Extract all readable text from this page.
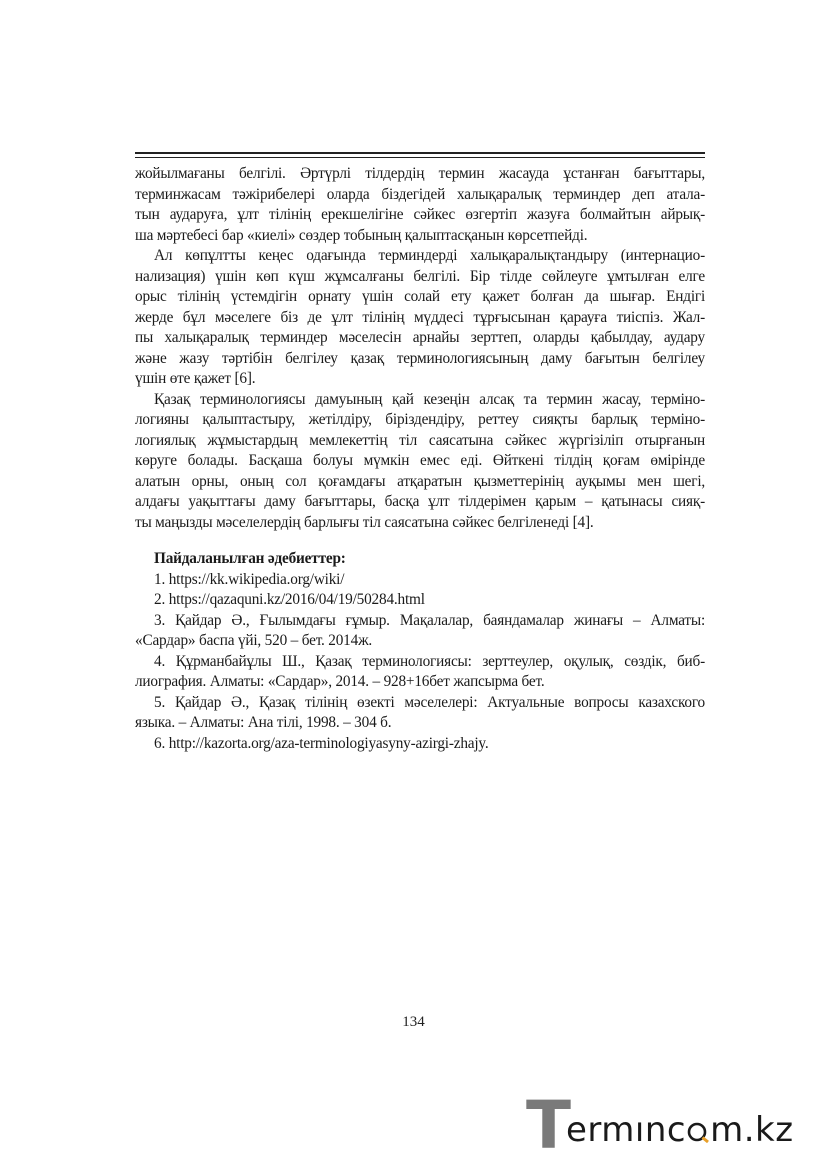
жойылмағаны белгілі. Әртүрлі тілдердің термин жасауда ұстанған бағыттары,
терминжасам тәжірибелері оларда біздегідей халықаралық терминдер деп атала-
тын аударуға, ұлт тілінің ерекшелігіне сәйкес өзгертіп жазуға болмайтын айрық-
ша мәртебесі бар «киелі» сөздер тобының қалыптасқанын көрсетпейді.
Ал көпұлтты кеңес одағында терминдерді халықаралықтандыру (интернацио-
нализация) үшін көп күш жұмсалғаны белгілі. Бір тілде сөйлеуге ұмтылған елге
орыс тілінің үстемдігін орнату үшін солай ету қажет болған да шығар. Ендігі
жерде бұл мәселеге біз де ұлт тілінің мүддесі тұрғысынан қарауға тиіспіз. Жал-
пы халықаралық терминдер мәселесін арнайы зерттеп, оларды қабылдау, аудару
және жазу тәртібін белгілеу қазақ терминологиясының даму бағытын белгілеу
үшін өте қажет [6].
Қазақ терминологиясы дамуының қай кезеңін алсақ та термин жасау, терміно-
логияны қалыптастыру, жетілдіру, біріздендіру, реттеу сияқты барлық терміно-
логиялық жұмыстардың мемлекеттің тіл саясатына сәйкес жүргізіліп отырғанын
көруге болады. Басқаша болуы мүмкін емес еді. Өйткені тілдің қоғам өмірінде
алатын орны, оның сол қоғамдағы атқаратын қызметтерінің ауқымы мен шегі,
алдағы уақыттағы даму бағыттары, басқа ұлт тілдерімен қарым – қатынасы сияқ-
ты маңызды мәселелердің барлығы тіл саясатына сәйкес белгіленеді [4].
Пайдаланылған әдебиеттер:
1. https://kk.wikipedia.org/wiki/
2. https://qazaquni.kz/2016/04/19/50284.html
3. Қайдар Ә., Ғылымдағы ғұмыр. Мақалалар, баяндамалар жинағы – Алматы:
«Сардар» баспа үйі, 520 – бет. 2014ж.
4. Құрманбайұлы Ш., Қазақ терминологиясы: зерттеулер, оқулық, сөздік, биб-
лиография. Алматы: «Сардар», 2014. – 928+16бет жапсырма бет.
5. Қайдар Ә., Қазақ тілінің өзекті мәселелері: Актуальные вопросы казахского
языка. – Алматы: Ана тілі, 1998. – 304 б.
6. http://kazorta.org/aza-terminologiyasyny-azirgi-zhajy.
134
T
ermınc m.kz
